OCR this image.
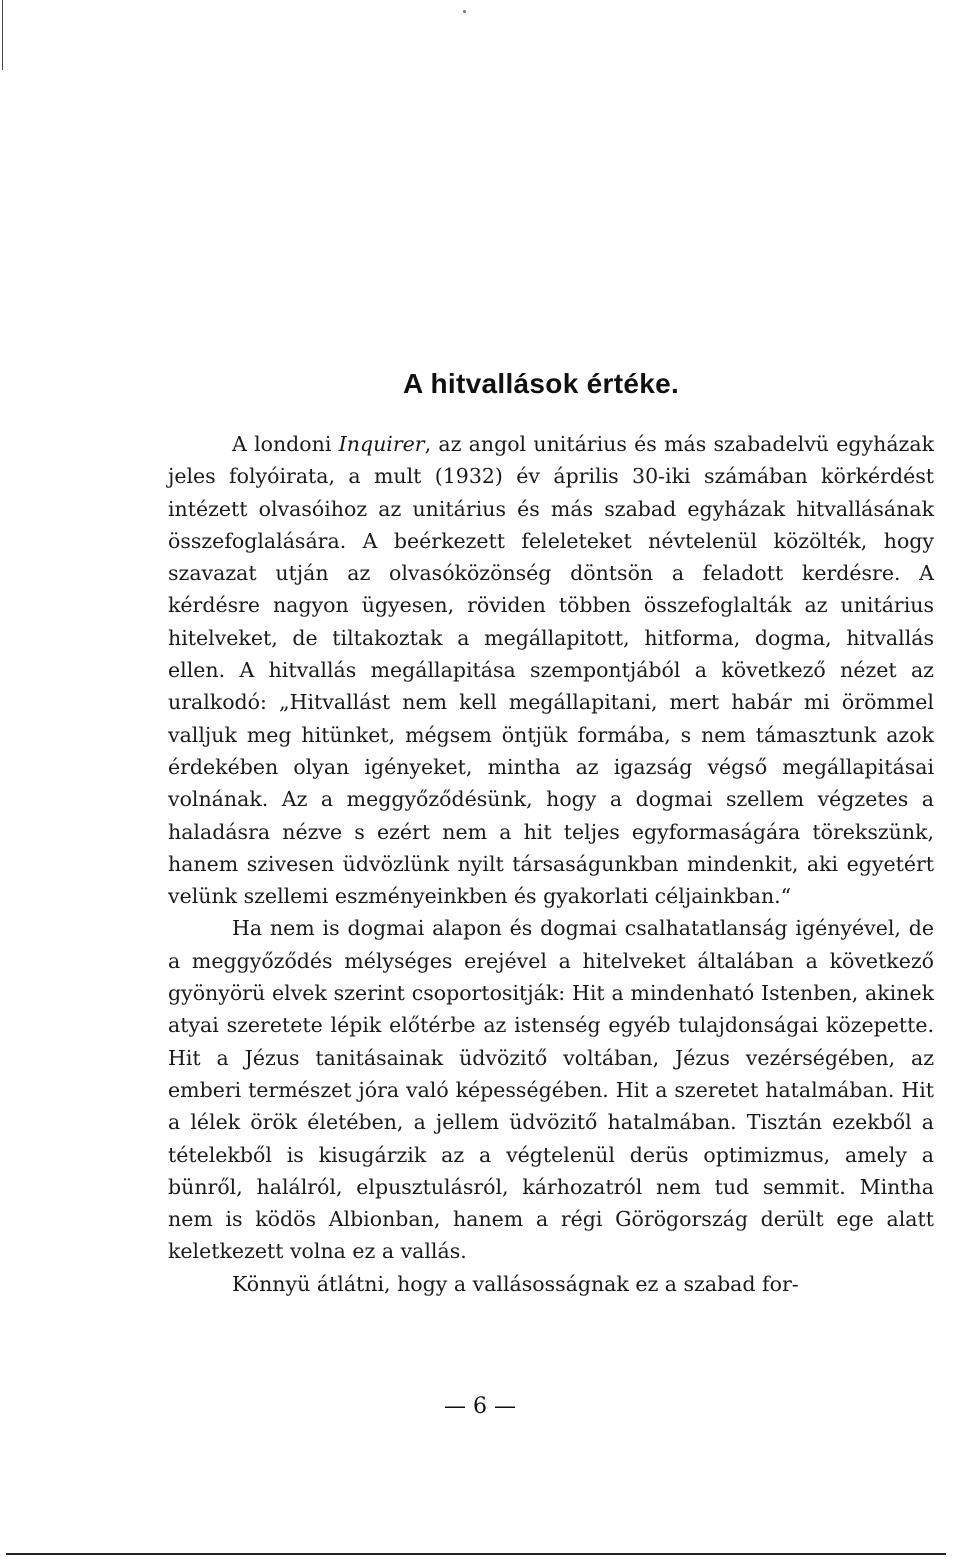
A hitvallások értéke.

A londoni Inquirer, az angol unitárius és más szabadelvü egyházak jeles folyóirata, a mult (1932) év április 30-iki számában körkérdést intézett olvasóihoz az unitárius és más szabad egyházak hitvallásának összefoglalására. A beérkezett feleleteket névtelenül közölték, hogy szavazat utján az olvasóközönség döntsön a feladott kerdésre. A kérdésre nagyon ügyesen, röviden többen összefoglalták az unitárius hitelveket, de tiltakoztak a megállapitott, hitforma, dogma, hitvallás ellen. A hitvallás megállapitása szempontjából a következő nézet az uralkodó: „Hitvallást nem kell megállapitani, mert habár mi örömmel valljuk meg hitünket, mégsem öntjük formába, s nem támasztunk azok érdekében olyan igényeket, mintha az igazság végső megállapitásai volnának. Az a meggyőződésünk, hogy a dogmai szellem végzetes a haladásra nézve s ezért nem a hit teljes egyformaságára törekszünk, hanem szivesen üdvözlünk nyilt társaságunkban mindenkit, aki egyetért velünk szellemi eszményeinkben és gyakorlati céljainkban.“

Ha nem is dogmai alapon és dogmai csalhatatlanság igényével, de a meggyőződés mélységes erejével a hitelveket általában a következő gyönyörü elvek szerint csoportositják: Hit a mindenható Istenben, akinek atyai szeretete lépik előtérbe az istenség egyéb tulajdonságai közepette. Hit a Jézus tanitásainak üdvözitő voltában, Jézus vezérségében, az emberi természet jóra való képességében. Hit a szeretet hatalmában. Hit a lélek örök életében, a jellem üdvözitő hatalmában. Tisztán ezekből a tételekből is kisugárzik az a végtelenül derüs optimizmus, amely a bünről, halálról, elpusztulásról, kárhozatról nem tud semmit. Mintha nem is ködös Albionban, hanem a régi Görögország derült ege alatt keletkezett volna ez a vallás.

Könnyü átlátni, hogy a vallásosságnak ez a szabad for-

— 6 —
